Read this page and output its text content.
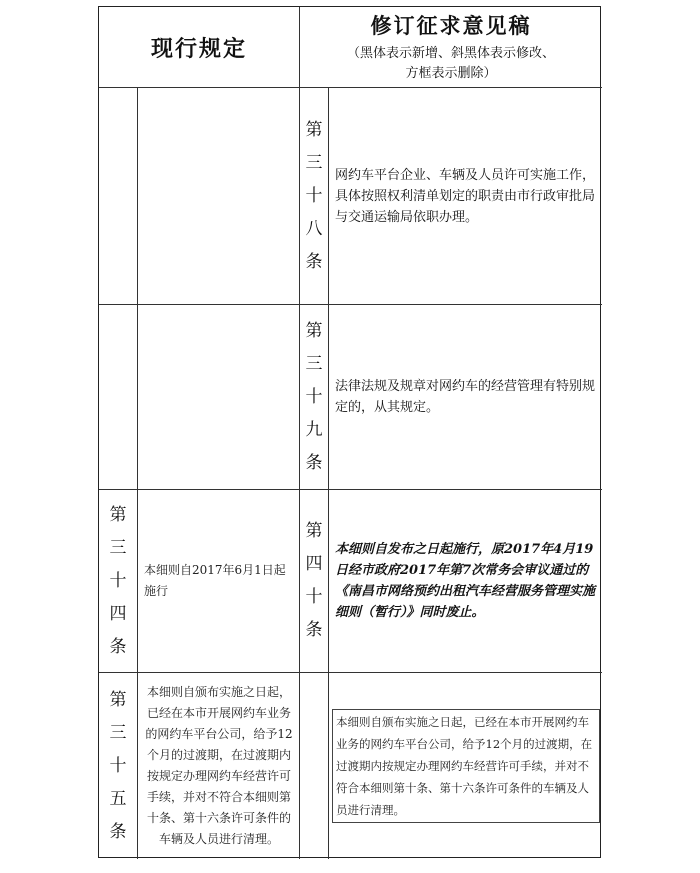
现行规定
修订征求意见稿
（黑体表示新增、斜黑体表示修改、
方框表示删除）
第
三
十
八
条
网约车平台企业、车辆及人员许可实施工作，具体按照权利清单划定的职责由市行政审批局与交通运输局依职办理。
第
三
十
九
条
法律法规及规章对网约车的经营管理有特别规定的，从其规定。
第
三
十
四
条
本细则自2017年6月1日起施行
第
四
十
条
本细则自发布之日起施行，原2017年4月19日经市政府2017年第7次常务会审议通过的《南昌市网络预约出租汽车经营服务管理实施细则（暂行）》同时废止。
第
三
十
五
条
本细则自颁布实施之日起，已经在本市开展网约车业务的网约车平台公司，给予12个月的过渡期，在过渡期内按规定办理网约车经营许可手续，并对不符合本细则第十条、第十六条许可条件的车辆及人员进行清理。
本细则自颁布实施之日起，已经在本市开展网约车业务的网约车平台公司，给予12个月的过渡期，在过渡期内按规定办理网约车经营许可手续，并对不符合本细则第十条、第十六条许可条件的车辆及人员进行清理。
